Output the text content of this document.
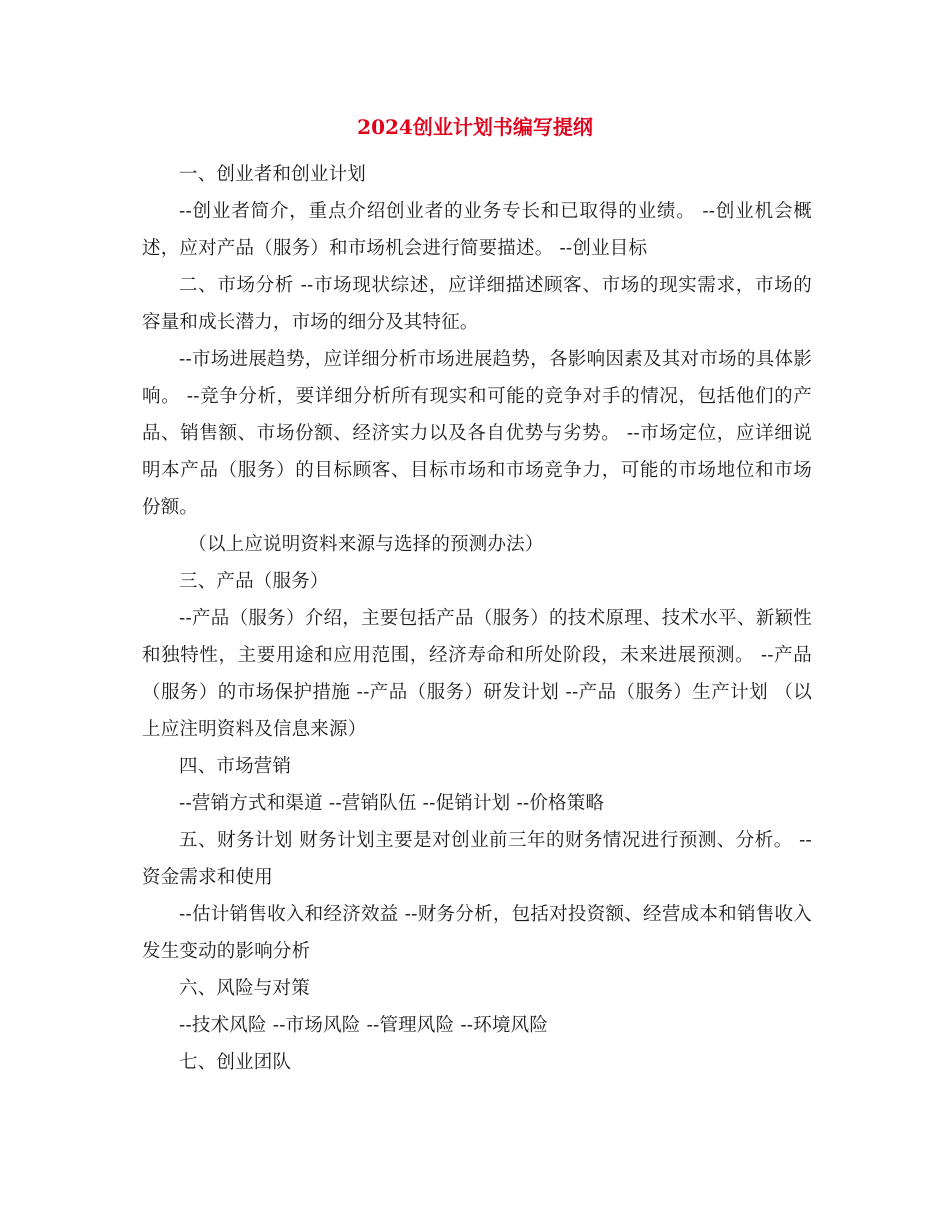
2024创业计划书编写提纲

一、创业者和创业计划

--创业者简介，重点介绍创业者的业务专长和已取得的业绩。 --创业机会概述，应对产品（服务）和市场机会进行简要描述。 --创业目标

二、市场分析 --市场现状综述，应详细描述顾客、市场的现实需求，市场的容量和成长潜力，市场的细分及其特征。

--市场进展趋势，应详细分析市场进展趋势，各影响因素及其对市场的具体影响。 --竞争分析，要详细分析所有现实和可能的竞争对手的情况，包括他们的产品、销售额、市场份额、经济实力以及各自优势与劣势。 --市场定位，应详细说明本产品（服务）的目标顾客、目标市场和市场竞争力，可能的市场地位和市场份额。

（以上应说明资料来源与选择的预测办法）

三、产品（服务）

--产品（服务）介绍，主要包括产品（服务）的技术原理、技术水平、新颖性和独特性，主要用途和应用范围，经济寿命和所处阶段，未来进展预测。 --产品（服务）的市场保护措施 --产品（服务）研发计划 --产品（服务）生产计划 （以上应注明资料及信息来源）

四、市场营销

--营销方式和渠道 --营销队伍 --促销计划 --价格策略

五、财务计划 财务计划主要是对创业前三年的财务情况进行预测、分析。 --资金需求和使用

--估计销售收入和经济效益 --财务分析，包括对投资额、经营成本和销售收入发生变动的影响分析

六、风险与对策

--技术风险 --市场风险 --管理风险 --环境风险

七、创业团队
